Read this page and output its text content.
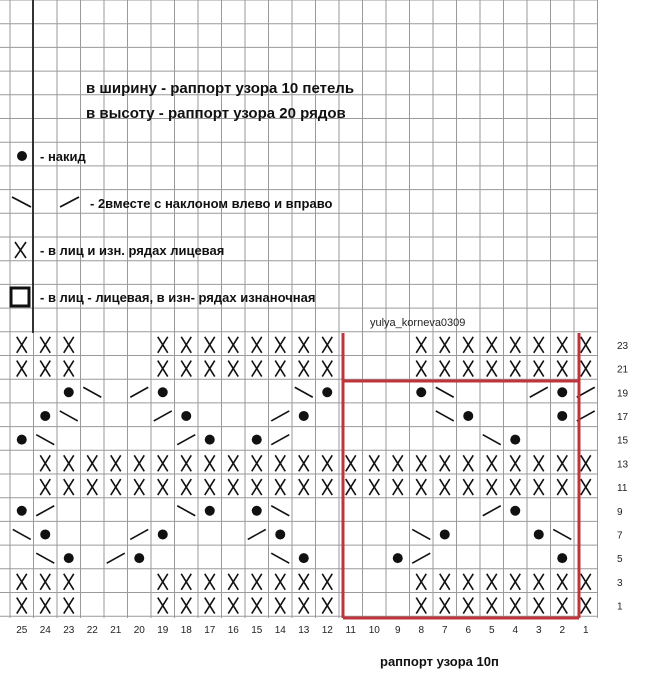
в ширину - раппорт узора 10 петель
в высоту - раппорт узора 20 рядов
- накид
- 2вместе с наклоном влево и вправо
- в лиц и изн. рядах лицевая
- в лиц - лицевая, в изн- рядах изнаночная
yulya_korneva0309
25 24 23 22 21 20 19 18 17 16 15 14 13 12 11 10 9 8 7 6 5 4 3 2 1
23
21
19
17
15
13
11
9
7
5
3
1
раппорт узора 10п
